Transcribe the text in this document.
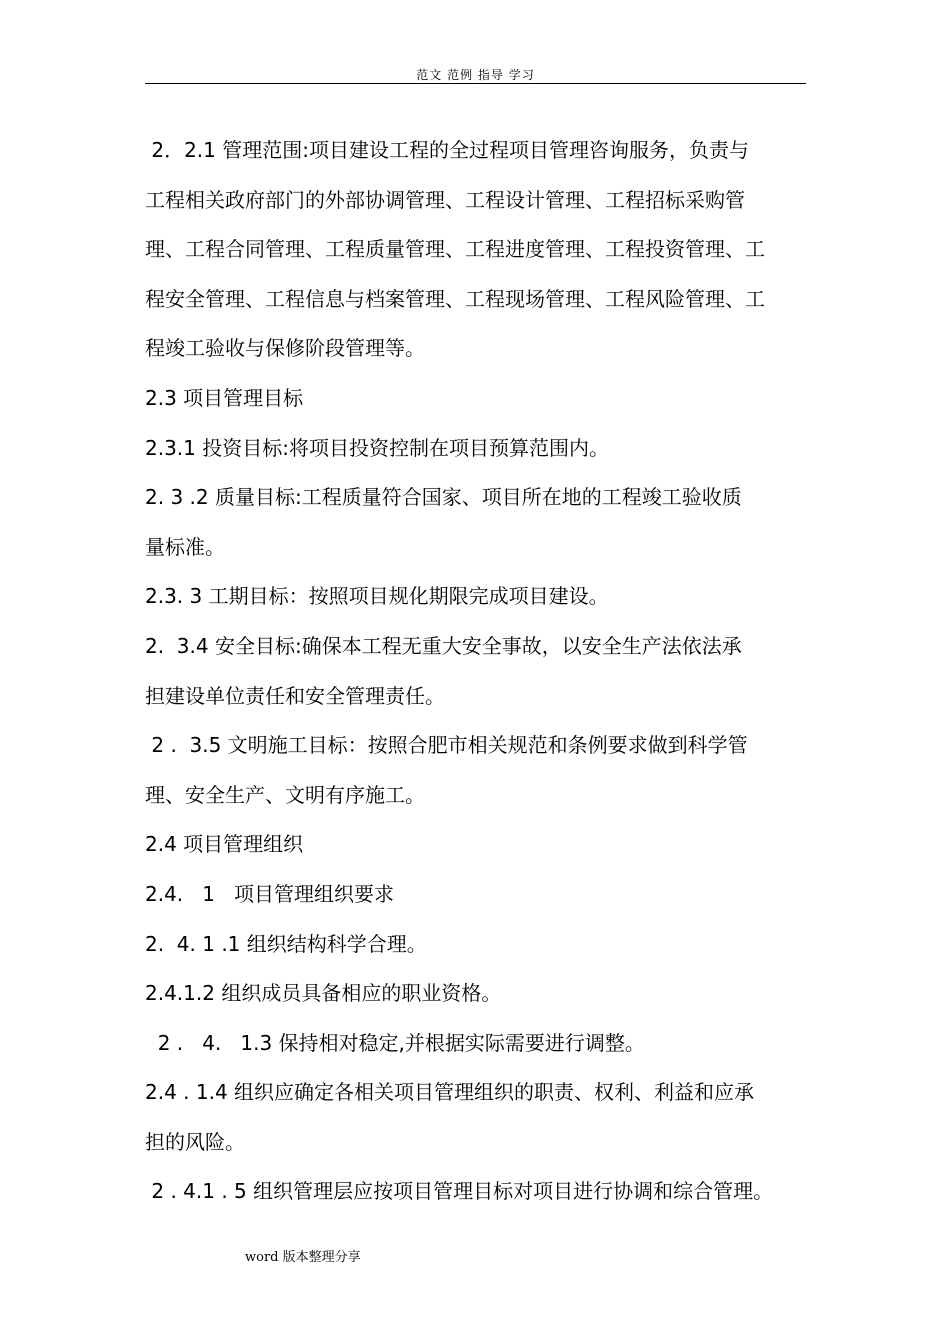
范文 范例 指导 学习
2．2.1 管理范围:项目建设工程的全过程项目管理咨询服务，负责与
工程相关政府部门的外部协调管理、工程设计管理、工程招标采购管
理、工程合同管理、工程质量管理、工程进度管理、工程投资管理、工
程安全管理、工程信息与档案管理、工程现场管理、工程风险管理、工
程竣工验收与保修阶段管理等。
2.3 项目管理目标
2.3.1 投资目标:将项目投资控制在项目预算范围内。
2. 3 .2 质量目标:工程质量符合国家、项目所在地的工程竣工验收质
量标准。
2.3. 3 工期目标：按照项目规化期限完成项目建设。
2.  3.4 安全目标:确保本工程无重大安全事故，以安全生产法依法承
担建设单位责任和安全管理责任。
2 .  3.5 文明施工目标：按照合肥市相关规范和条例要求做到科学管
理、安全生产、文明有序施工。
2.4 项目管理组织
2.4.   1   项目管理组织要求
2.  4. 1 .1 组织结构科学合理。
2.4.1.2 组织成员具备相应的职业资格。
2 .   4.   1.3 保持相对稳定,并根据实际需要进行调整。
2.4 . 1.4 组织应确定各相关项目管理组织的职责、权利、利益和应承
担的风险。
2 . 4.1 . 5 组织管理层应按项目管理目标对项目进行协调和综合管理。
word 版本整理分享
